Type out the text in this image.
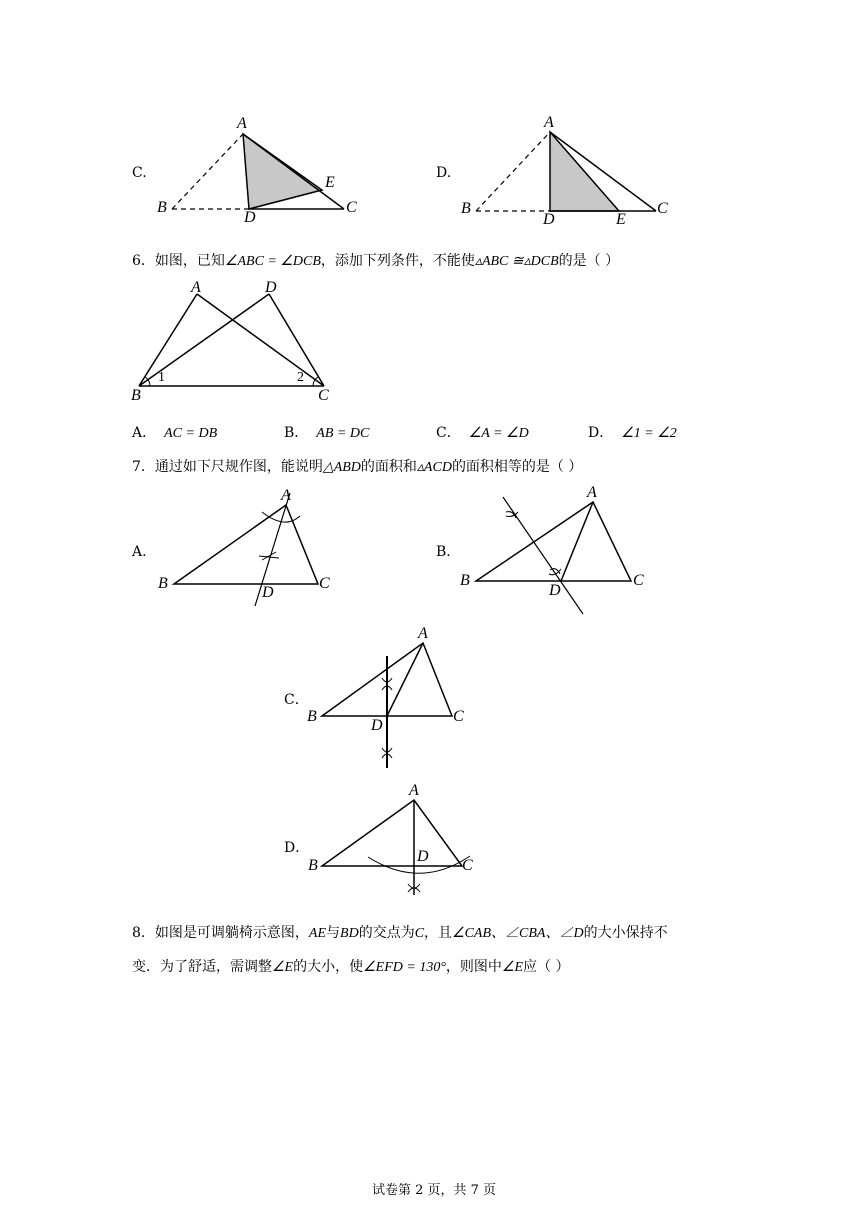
C.	D.
A
B
D
E
C
A
B
D	E
C
6．如图，已知∠ABC = ∠DCB，添加下列条件，不能使▵ABC ≅▵DCB的是（ ）
A	D
B	C
1	2
A． AC = DB	B． AB = DC	C． ∠A = ∠D	D． ∠1 = ∠2
7．通过如下尺规作图，能说明△ABD的面积和▵ACD的面积相等的是（ ）
A．	B．
C．
D．
A
B	C
D
A
B	C
D
A
B	C
D
A
B	C
D
8．如图是可调躺椅示意图，AE与BD的交点为C，且∠CAB、∠CBA、∠D的大小保持不
变．为了舒适，需调整∠E的大小，使∠EFD = 130°，则图中∠E应（ ）
试卷第 2 页，共 7 页
